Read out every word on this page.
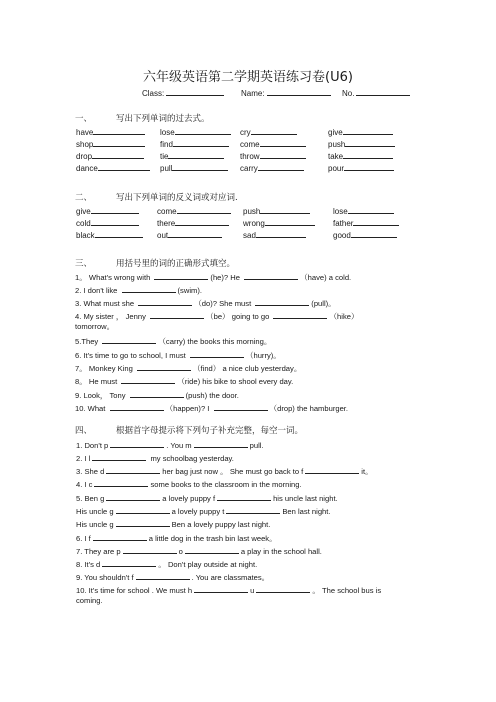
六年级英语第二学期英语练习卷(U6)
Class:	Name:	No.
一、	写出下列单词的过去式。
have	lose	cry	give
shop	find	come	push
drop	tie	throw	take
dance	pull	carry	pour
二、	写出下列单词的反义词或对应词.
give	come	push	lose
cold	there	wrong	father
black	out	sad	good
三、	用括号里的词的正确形式填空。
1。 What's wrong with	(he)? He	（have) a cold.
2. I don't like	(swim).
3. What must she	（do)? She must	(pull)。
4. My sister ， Jenny	（be） going to go	（hike）
tomorrow。
5.They	（carry) the books this morning。
6. It's time to go to school, I must	（hurry)。
7。 Monkey King	（find） a nice club yesterday。
8。 He must	（ride) his bike to shool every day.
9. Look， Tony	(push) the door.
10. What	（happen)? I	（drop) the hamburger.
四、	根据首字母提示将下列句子补充完整，每空一词。
1. Don't p	. You m	pull.
2. I l	my schoolbag yesterday.
3. She d	her bag just now 。 She must go back to f	it。
4. I c	some books to the classroom in the morning.
5. Ben g	a lovely puppy f	his uncle last night.
His uncle g	a lovely puppy t	Ben last night.
His uncle g	Ben a lovely puppy last night.
6. I f	a little dog in the trash bin last week。
7. They are p	o	a play in the school hall.
8. It's d	。 Don't play outside at night.
9. You shouldn't f	. You are classmates。
10. It's time for school . We must h	u	。 The school bus is
coming.
